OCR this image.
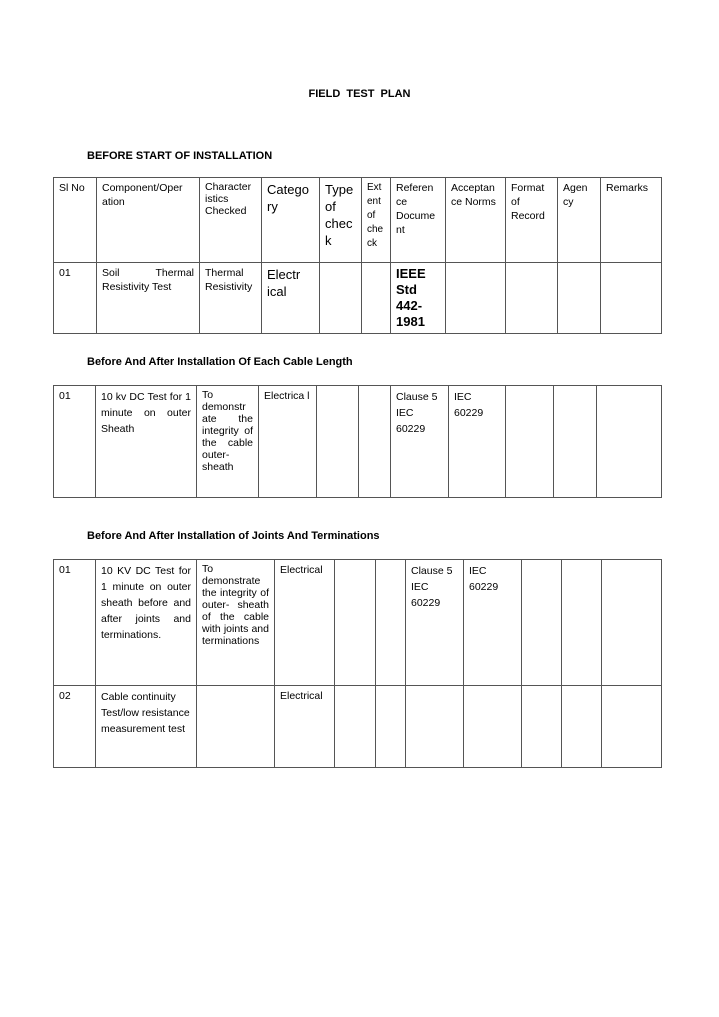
FIELD TEST PLAN
BEFORE START OF INSTALLATION
Sl No	Component/Oper ation	Character istics Checked	Catego ry	Type of chec k	Ext ent of che ck	Referen ce Docume nt	Acceptan ce Norms	Format of Record	Agen cy	Remarks
01	Soil Thermal Resistivity Test	Thermal Resistivity	Electr ical			IEEE Std 442- 1981				
Before And After Installation Of Each Cable Length
01	10 kv DC Test for 1 minute on outer Sheath	To demonstr ate the integrity of the cable outer- sheath	Electrica l			Clause 5 IEC 60229	IEC 60229			
Before And After Installation of Joints And Terminations
01	10 KV DC Test for 1 minute on outer sheath before and after joints and terminations.	To demonstrate the integrity of outer- sheath of the cable with joints and terminations	Electrical			Clause 5 IEC 60229	IEC 60229			
02	Cable continuity Test/low resistance measurement test		Electrical							
